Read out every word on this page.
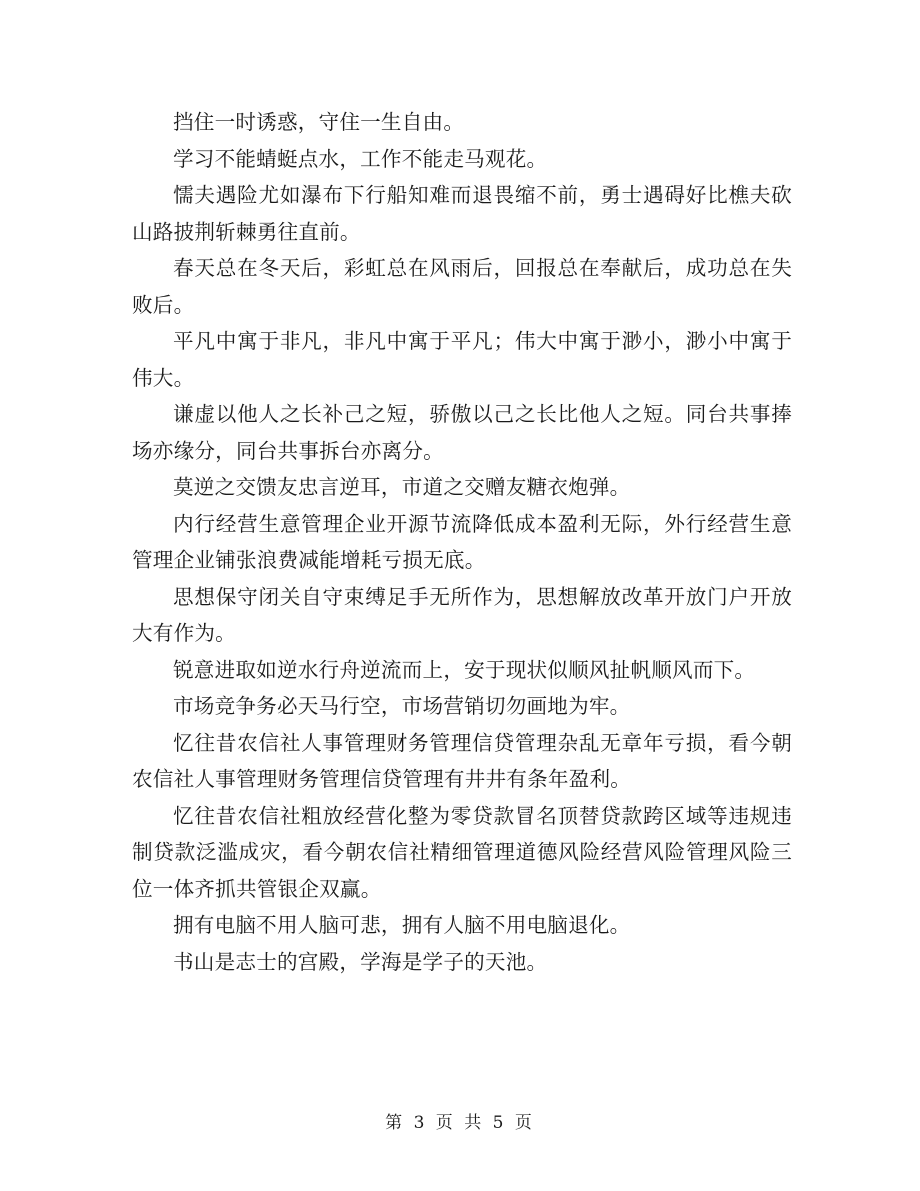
挡住一时诱惑，守住一生自由。

学习不能蜻蜓点水，工作不能走马观花。

懦夫遇险尤如瀑布下行船知难而退畏缩不前，勇士遇碍好比樵夫砍山路披荆斩棘勇往直前。

春天总在冬天后，彩虹总在风雨后，回报总在奉献后，成功总在失败后。

平凡中寓于非凡，非凡中寓于平凡；伟大中寓于渺小，渺小中寓于伟大。

谦虚以他人之长补己之短，骄傲以己之长比他人之短。同台共事捧场亦缘分，同台共事拆台亦离分。

莫逆之交馈友忠言逆耳，市道之交赠友糖衣炮弹。

内行经营生意管理企业开源节流降低成本盈利无际，外行经营生意管理企业铺张浪费减能增耗亏损无底。

思想保守闭关自守束缚足手无所作为，思想解放改革开放门户开放大有作为。

锐意进取如逆水行舟逆流而上，安于现状似顺风扯帆顺风而下。

市场竞争务必天马行空，市场营销切勿画地为牢。

忆往昔农信社人事管理财务管理信贷管理杂乱无章年亏损，看今朝农信社人事管理财务管理信贷管理有井井有条年盈利。

忆往昔农信社粗放经营化整为零贷款冒名顶替贷款跨区域等违规违制贷款泛滥成灾，看今朝农信社精细管理道德风险经营风险管理风险三位一体齐抓共管银企双赢。

拥有电脑不用人脑可悲，拥有人脑不用电脑退化。

书山是志士的宫殿，学海是学子的天池。

第 3 页 共 5 页
